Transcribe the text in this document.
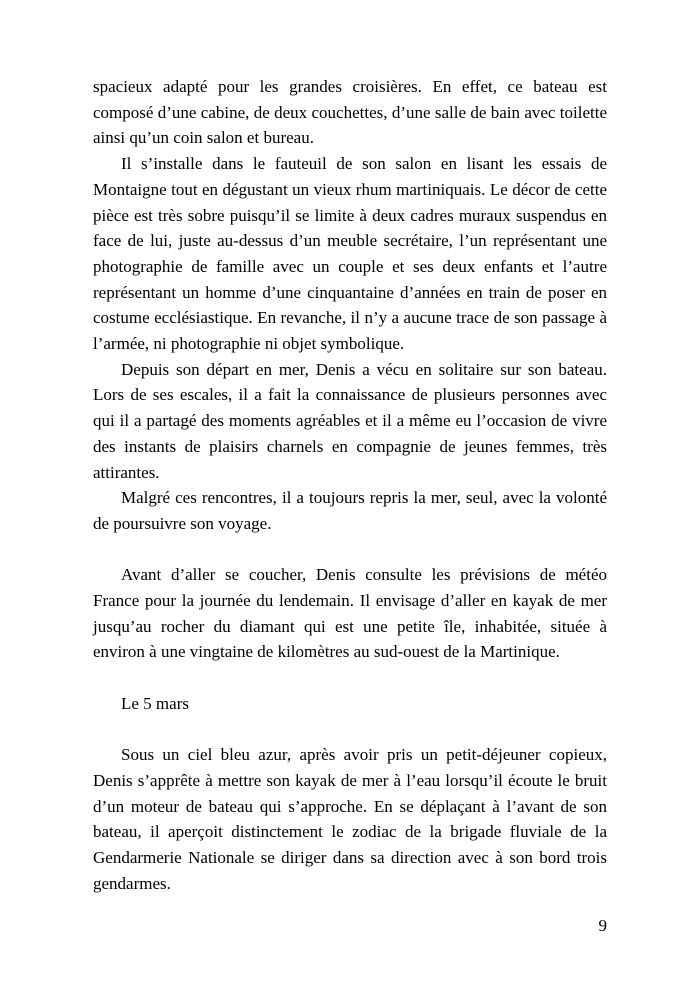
spacieux adapté pour les grandes croisières. En effet, ce bateau est composé d’une cabine, de deux couchettes, d’une salle de bain avec toilette ainsi qu’un coin salon et bureau.

Il s’installe dans le fauteuil de son salon en lisant les essais de Montaigne tout en dégustant un vieux rhum martiniquais. Le décor de cette pièce est très sobre puisqu’il se limite à deux cadres muraux suspendus en face de lui, juste au-dessus d’un meuble secrétaire, l’un représentant une photographie de famille avec un couple et ses deux enfants et l’autre représentant un homme d’une cinquantaine d’années en train de poser en costume ecclésiastique. En revanche, il n’y a aucune trace de son passage à l’armée, ni photographie ni objet symbolique.

Depuis son départ en mer, Denis a vécu en solitaire sur son bateau. Lors de ses escales, il a fait la connaissance de plusieurs personnes avec qui il a partagé des moments agréables et il a même eu l’occasion de vivre des instants de plaisirs charnels en compagnie de jeunes femmes, très attirantes.

Malgré ces rencontres, il a toujours repris la mer, seul, avec la volonté de poursuivre son voyage.

Avant d’aller se coucher, Denis consulte les prévisions de météo France pour la journée du lendemain. Il envisage d’aller en kayak de mer jusqu’au rocher du diamant qui est une petite île, inhabitée, située à environ à une vingtaine de kilomètres au sud-ouest de la Martinique.

Le 5 mars

Sous un ciel bleu azur, après avoir pris un petit-déjeuner copieux, Denis s’apprête à mettre son kayak de mer à l’eau lorsqu’il écoute le bruit d’un moteur de bateau qui s’approche. En se déplaçant à l’avant de son bateau, il aperçoit distinctement le zodiac de la brigade fluviale de la Gendarmerie Nationale se diriger dans sa direction avec à son bord trois gendarmes.

9
